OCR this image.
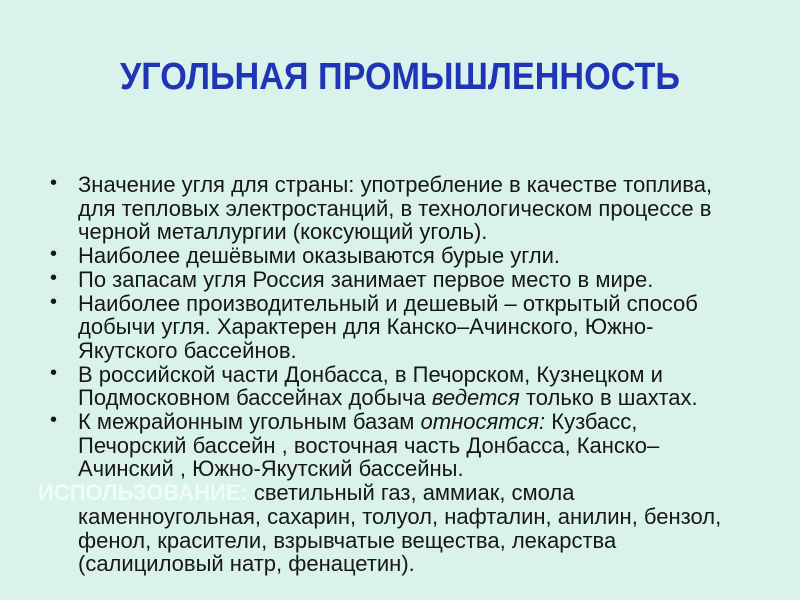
УГОЛЬНАЯ ПРОМЫШЛЕННОСТЬ
• Значение угля для страны: употребление в качестве топлива, для тепловых электростанций, в технологическом процессе в черной металлургии (коксующий уголь).
• Наиболее дешёвыми оказываются бурые угли.
• По запасам угля Россия занимает первое место в мире.
• Наиболее производительный и дешевый – открытый способ добычи угля. Характерен для Канско–Ачинского, Южно-Якутского бассейнов.
• В российской части Донбасса, в Печорском, Кузнецком и Подмосковном бассейнах добыча ведется только в шахтах.
• К межрайонным угольным базам относятся: Кузбасс, Печорский бассейн , восточная часть Донбасса, Канско–Ачинский , Южно-Якутский бассейны.
ИСПОЛЬЗОВАНИЕ: светильный газ, аммиак, смола каменноугольная, сахарин, толуол, нафталин, анилин, бензол, фенол, красители, взрывчатые вещества, лекарства (салициловый натр, фенацетин).
